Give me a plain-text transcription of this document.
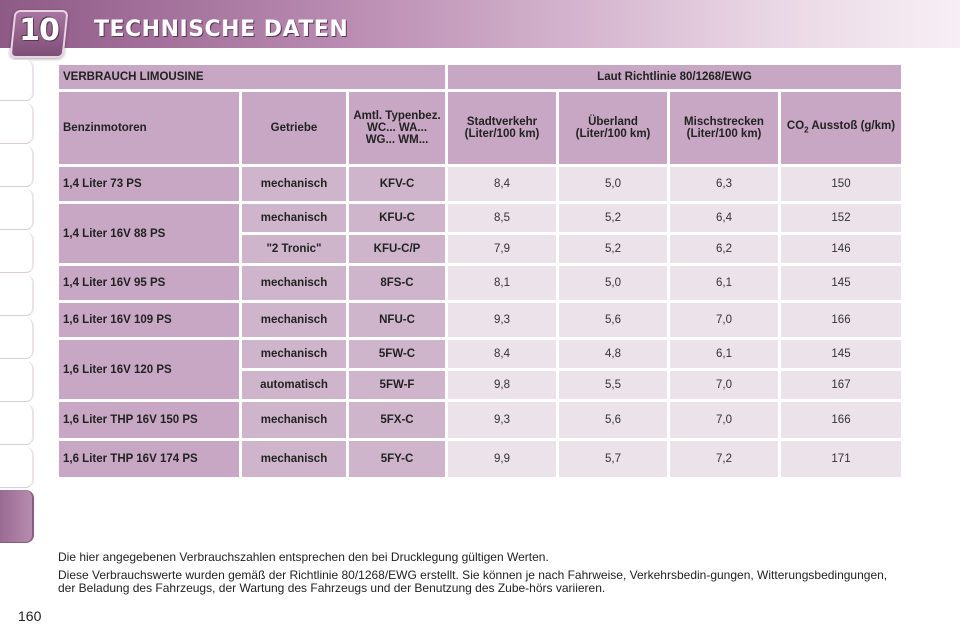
10 TECHNISCHE DATEN
VERBRAUCH LIMOUSINE			Laut Richtlinie 80/1268/EWG			
Benzinmotoren	Getriebe	Amtl. Typenbez. WC... WA... WG... WM...	Stadtverkehr (Liter/100 km)	Überland (Liter/100 km)	Mischstrecken (Liter/100 km)	$CO_2$ Ausstoß (g/km)
1,4 Liter 73 PS	mechanisch	KFV-C	8,4	5,0	6,3	150
1,4 Liter 16V 88 PS	mechanisch	KFU-C	8,5	5,2	6,4	152
	"2 Tronic"	KFU-C/P	7,9	5,2	6,2	146
1,4 Liter 16V 95 PS	mechanisch	8FS-C	8,1	5,0	6,1	145
1,6 Liter 16V 109 PS	mechanisch	NFU-C	9,3	5,6	7,0	166
1,6 Liter 16V 120 PS	mechanisch	5FW-C	8,4	4,8	6,1	145
	automatisch	5FW-F	9,8	5,5	7,0	167
1,6 Liter THP 16V 150 PS	mechanisch	5FX-C	9,3	5,6	7,0	166
1,6 Liter THP 16V 174 PS	mechanisch	5FY-C	9,9	5,7	7,2	171
Die hier angegebenen Verbrauchszahlen entsprechen den bei Drucklegung gültigen Werten.
Diese Verbrauchswerte wurden gemäß der Richtlinie 80/1268/EWG erstellt. Sie können je nach Fahrweise, Verkehrsbedin-gungen, Witterungsbedingungen, der Beladung des Fahrzeugs, der Wartung des Fahrzeugs und der Benutzung des Zube-hörs variieren.
160
